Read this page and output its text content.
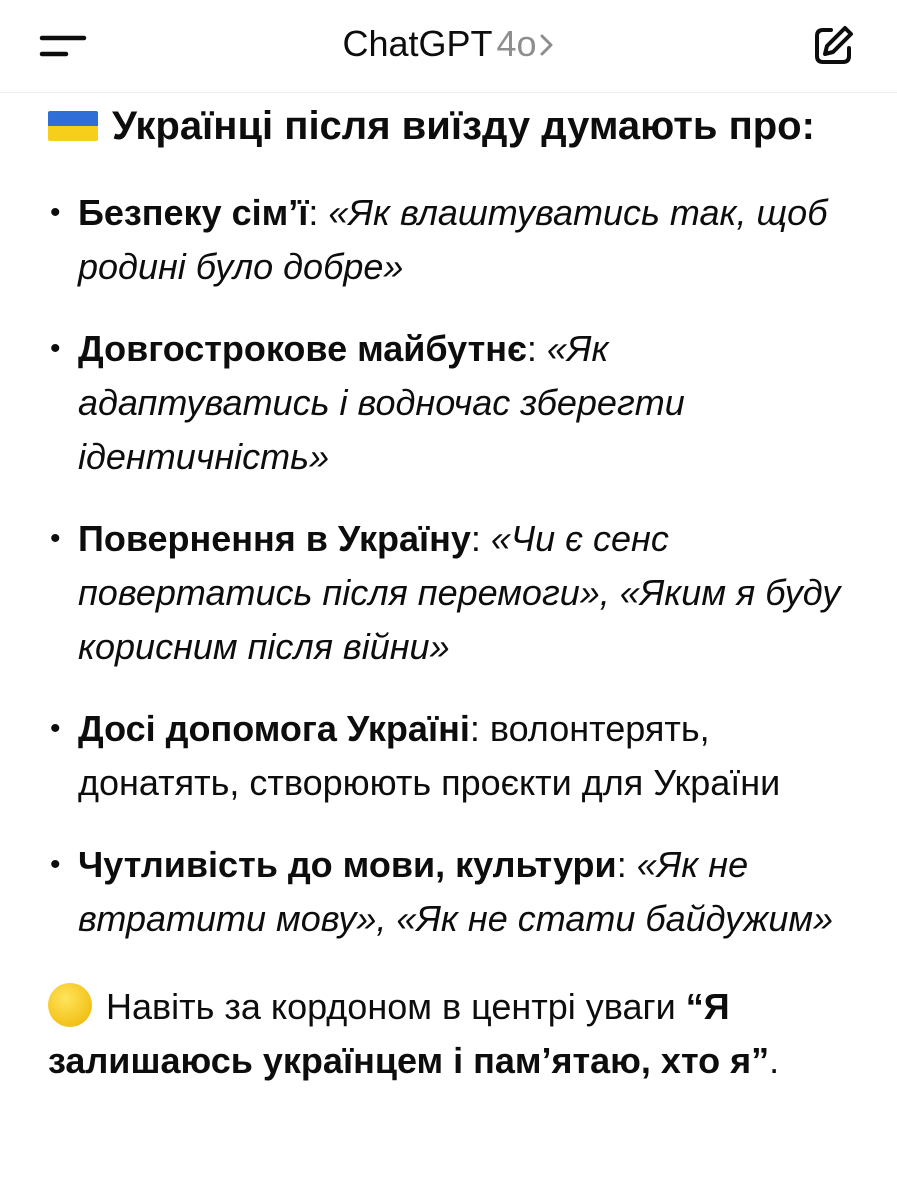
ChatGPT 4o
Українці після виїзду думають про:
• Безпеку сім’ї: «Як влаштуватись так, щоб родині було добре»
• Довгострокове майбутнє: «Як адаптуватись і водночас зберегти ідентичність»
• Повернення в Україну: «Чи є сенс повертатись після перемоги», «Яким я буду корисним після війни»
• Досі допомога Україні: волонтерять, донатять, створюють проєкти для України
• Чутливість до мови, культури: «Як не втратити мову», «Як не стати байдужим»

Навіть за кордоном в центрі уваги “Я залишаюсь українцем і пам’ятаю, хто я”.
